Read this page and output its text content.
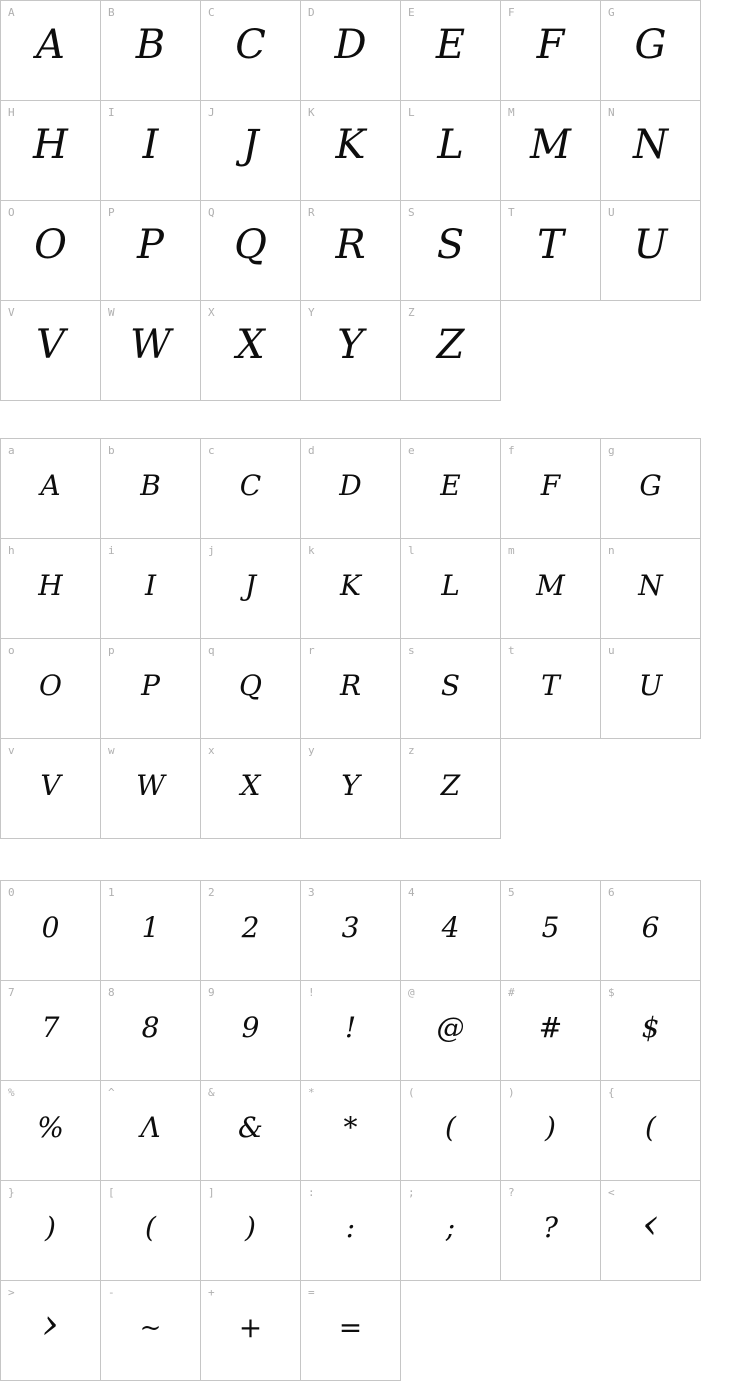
A
A
B
B
C
C
D
D
E
E
F
F
G
G
H
H
I
I
J
J
K
K
L
L
M
M
N
N
O
O
P
P
Q
Q
R
R
S
S
T
T
U
U
V
V
W
W
X
X
Y
Y
Z
Z
a
A
b
B
c
C
d
D
e
E
f
F
g
G
h
H
i
I
j
J
k
K
l
L
m
M
n
N
o
O
p
P
q
Q
r
R
s
S
t
T
u
U
v
V
w
W
x
X
y
Y
z
Z
0
0
1
1
2
2
3
3
4
4
5
5
6
6
7
7
8
8
9
9
!
!
@
@
#
#
$
$
%
%
^
Λ
&
&
*
*
(
(
)
)
{
(
}
)
[
(
]
)
:
:
;
;
?
?
<
‹
>
›
-
~
+
+
=
=
